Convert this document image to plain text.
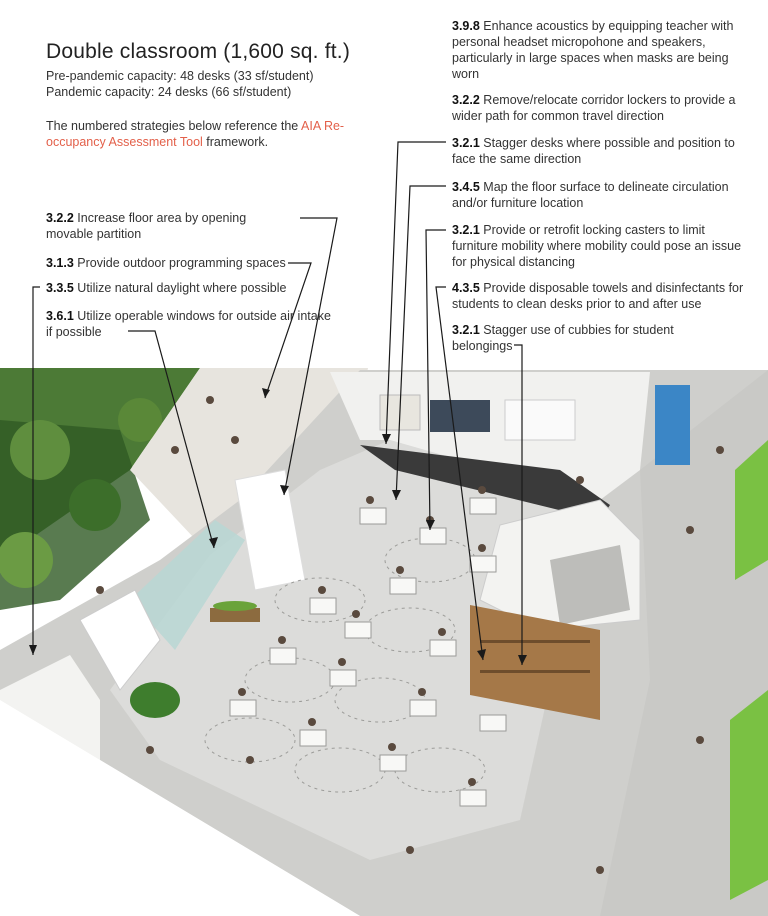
Double classroom (1,600 sq. ft.)
Pre-pandemic capacity: 48 desks (33 sf/student)
Pandemic capacity: 24 desks (66 sf/student)
The numbered strategies below reference the AIA Re-occupancy Assessment Tool framework.
3.2.2 Increase floor area by opening movable partition
3.1.3 Provide outdoor programming spaces
3.3.5 Utilize natural daylight where possible
3.6.1 Utilize operable windows for outside air intake if possible
3.9.8 Enhance acoustics by equipping teacher with personal headset micropohone and speakers, particularly in large spaces when masks are being worn
3.2.2 Remove/relocate corridor lockers to provide a wider path for common travel direction
3.2.1 Stagger desks where possible and position to face the same direction
3.4.5 Map the floor surface to delineate circulation and/or furniture location
3.2.1 Provide or retrofit locking casters to limit furniture mobility where mobility could pose an issue for physical distancing
4.3.5 Provide disposable towels and disinfectants for students to clean desks prior to and after use
3.2.1 Stagger use of cubbies for student belongings
